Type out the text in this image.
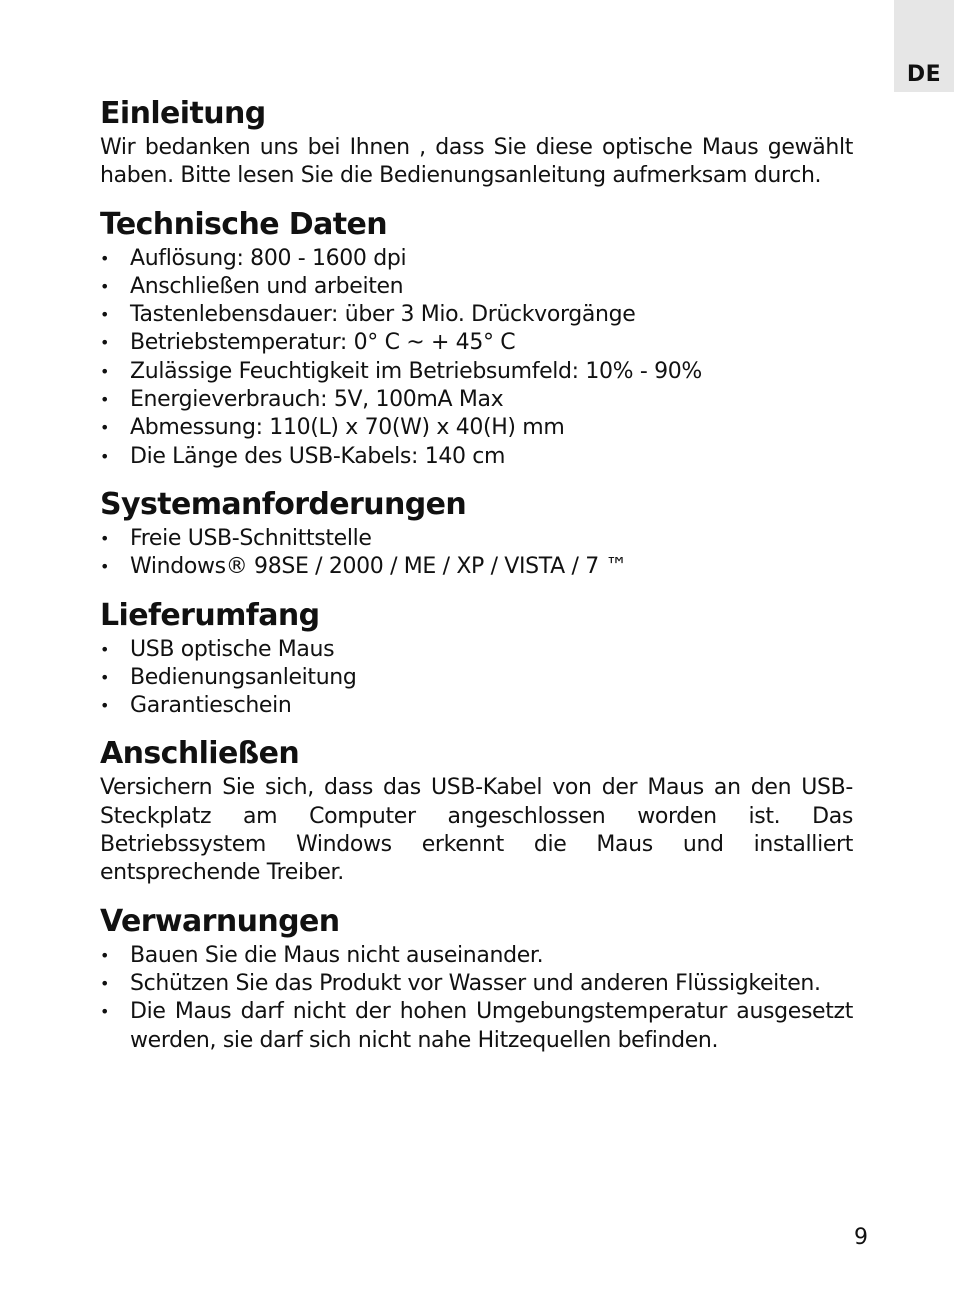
DE
Einleitung

Wir bedanken uns bei Ihnen , dass Sie diese optische Maus gewählt haben. Bitte lesen Sie die Bedienungsanleitung aufmerksam durch.

Technische Daten
• Auflösung: 800 - 1600 dpi
• Anschließen und arbeiten
• Tastenlebensdauer: über 3 Mio. Drückvorgänge
• Betriebstemperatur: 0° C ~ + 45° C
• Zulässige Feuchtigkeit im Betriebsumfeld: 10% - 90%
• Energieverbrauch: 5V, 100mA Max
• Abmessung: 110(L) x 70(W) x 40(H) mm
• Die Länge des USB-Kabels: 140 cm
Systemanforderungen
• Freie USB-Schnittstelle
• Windows® 98SE / 2000 / ME / XP / VISTA / 7 ™
Lieferumfang
• USB optische Maus
• Bedienungsanleitung
• Garantieschein
Anschließen

Versichern Sie sich, dass das USB-Kabel von der Maus an den USB-Steckplatz am Computer angeschlossen worden ist. Das Betriebssystem Windows erkennt die Maus und installiert entsprechende Treiber.

Verwarnungen
• Bauen Sie die Maus nicht auseinander.
• Schützen Sie das Produkt vor Wasser und anderen Flüssigkeiten.
• Die Maus darf nicht der hohen Umgebungstemperatur ausgesetzt werden, sie darf sich nicht nahe Hitzequellen befinden.
9
